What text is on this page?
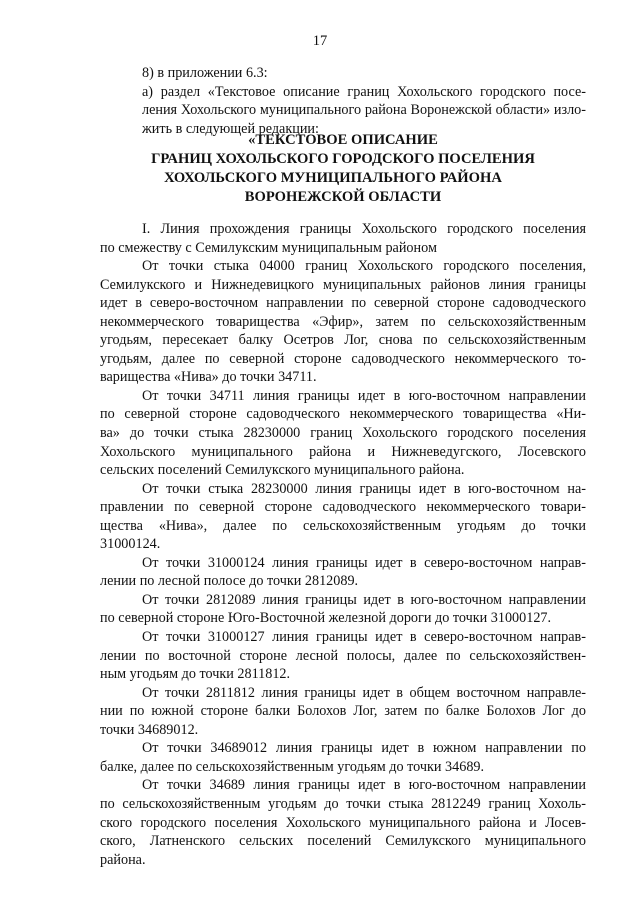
17
8) в приложении 6.3:
а) раздел «Текстовое описание границ Хохольского городского посе-
ления Хохольского муниципального района Воронежской области» изло-
жить в следующей редакции:
«ТЕКСТОВОЕ ОПИСАНИЕ
ГРАНИЦ ХОХОЛЬСКОГО ГОРОДСКОГО ПОСЕЛЕНИЯ
ХОХОЛЬСКОГО МУНИЦИПАЛЬНОГО РАЙОНА
ВОРОНЕЖСКОЙ ОБЛАСТИ
I. Линия прохождения границы Хохольского городского поселения
по смежеству с Семилукским муниципальным районом
От точки стыка 04000 границ Хохольского городского поселения,
Семилукского и Нижнедевицкого муниципальных районов линия границы
идет в северо-восточном направлении по северной стороне садоводческого
некоммерческого товарищества «Эфир», затем по сельскохозяйственным
угодьям, пересекает балку Осетров Лог, снова по сельскохозяйственным
угодьям, далее по северной стороне садоводческого некоммерческого то-
варищества «Нива» до точки 34711.
От точки 34711 линия границы идет в юго-восточном направлении
по северной стороне садоводческого некоммерческого товарищества «Ни-
ва» до точки стыка 28230000 границ Хохольского городского поселения
Хохольского муниципального района и Нижневедугского, Лосевского
сельских поселений Семилукского муниципального района.
От точки стыка 28230000 линия границы идет в юго-восточном на-
правлении по северной стороне садоводческого некоммерческого товари-
щества «Нива», далее по сельскохозяйственным угодьям до точки
31000124.
От точки 31000124 линия границы идет в северо-восточном направ-
лении по лесной полосе до точки 2812089.
От точки 2812089 линия границы идет в юго-восточном направлении
по северной стороне Юго-Восточной железной дороги до точки 31000127.
От точки 31000127 линия границы идет в северо-восточном направ-
лении по восточной стороне лесной полосы, далее по сельскохозяйствен-
ным угодьям до точки 2811812.
От точки 2811812 линия границы идет в общем восточном направле-
нии по южной стороне балки Болохов Лог, затем по балке Болохов Лог до
точки 34689012.
От точки 34689012 линия границы идет в южном направлении по
балке, далее по сельскохозяйственным угодьям до точки 34689.
От точки 34689 линия границы идет в юго-восточном направлении
по сельскохозяйственным угодьям до точки стыка 2812249 границ Хохоль-
ского городского поселения Хохольского муниципального района и Лосев-
ского, Латненского сельских поселений Семилукского муниципального
района.
